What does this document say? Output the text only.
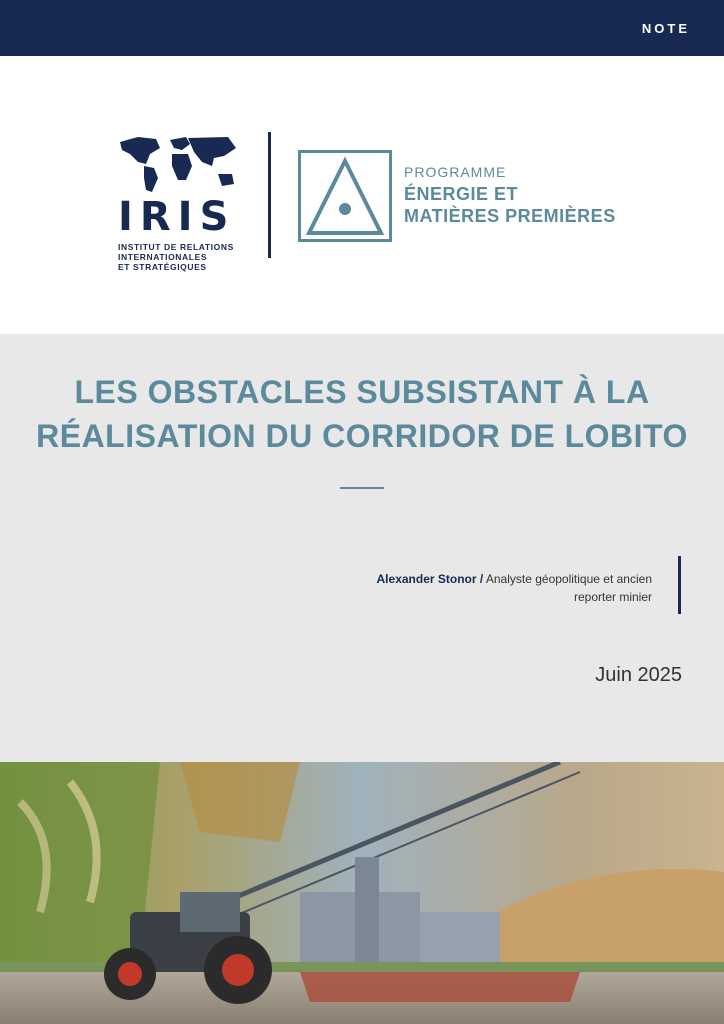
NOTE
IRIS
INSTITUT DE RELATIONS
INTERNATIONALES
ET STRATÉGIQUES
PROGRAMME
ÉNERGIE ET
MATIÈRES PREMIÈRES
LES OBSTACLES SUBSISTANT À LA
RÉALISATION DU CORRIDOR DE LOBITO
Alexander Stonor / Analyste géopolitique et ancien
reporter minier
Juin 2025
